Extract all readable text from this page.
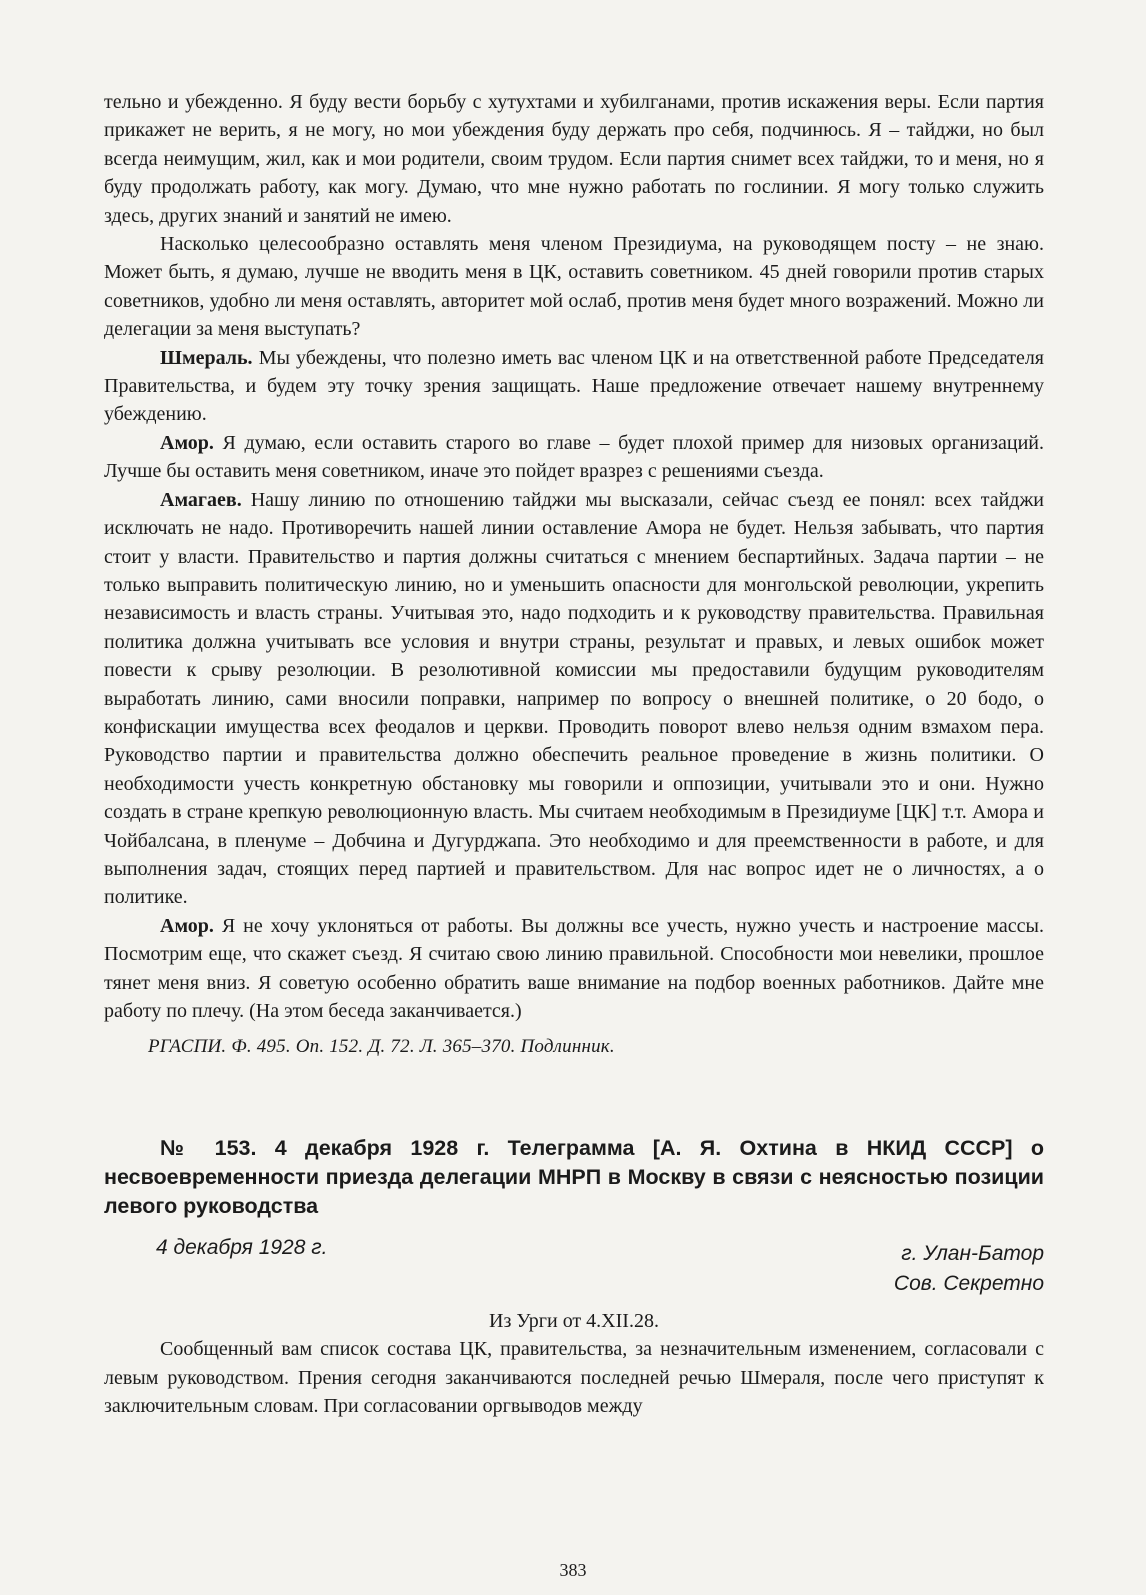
тельно и убежденно. Я буду вести борьбу с хутухтами и хубилганами, против искажения веры. Если партия прикажет не верить, я не могу, но мои убеждения буду держать про себя, подчинюсь. Я – тайджи, но был всегда неимущим, жил, как и мои родители, своим трудом. Если партия снимет всех тайджи, то и меня, но я буду продолжать работу, как могу. Думаю, что мне нужно работать по гослинии. Я могу только служить здесь, других знаний и занятий не имею.

Насколько целесообразно оставлять меня членом Президиума, на руководящем посту – не знаю. Может быть, я думаю, лучше не вводить меня в ЦК, оставить советником. 45 дней говорили против старых советников, удобно ли меня оставлять, авторитет мой ослаб, против меня будет много возражений. Можно ли делегации за меня выступать?

Шмераль. Мы убеждены, что полезно иметь вас членом ЦК и на ответственной работе Председателя Правительства, и будем эту точку зрения защищать. Наше предложение отвечает нашему внутреннему убеждению.

Амор. Я думаю, если оставить старого во главе – будет плохой пример для низовых организаций. Лучше бы оставить меня советником, иначе это пойдет вразрез с решениями съезда.

Амагаев. Нашу линию по отношению тайджи мы высказали, сейчас съезд ее понял: всех тайджи исключать не надо. Противоречить нашей линии оставление Амора не будет. Нельзя забывать, что партия стоит у власти. Правительство и партия должны считаться с мнением беспартийных. Задача партии – не только выправить политическую линию, но и уменьшить опасности для монгольской революции, укрепить независимость и власть страны. Учитывая это, надо подходить и к руководству правительства. Правильная политика должна учитывать все условия и внутри страны, результат и правых, и левых ошибок может повести к срыву резолюции. В резолютивной комиссии мы предоставили будущим руководителям выработать линию, сами вносили поправки, например по вопросу о внешней политике, о 20 бодо, о конфискации имущества всех феодалов и церкви. Проводить поворот влево нельзя одним взмахом пера. Руководство партии и правительства должно обеспечить реальное проведение в жизнь политики. О необходимости учесть конкретную обстановку мы говорили и оппозиции, учитывали это и они. Нужно создать в стране крепкую революционную власть. Мы считаем необходимым в Президиуме [ЦК] т.т. Амора и Чойбалсана, в пленуме – Добчина и Дугурджапа. Это необходимо и для преемственности в работе, и для выполнения задач, стоящих перед партией и правительством. Для нас вопрос идет не о личностях, а о политике.

Амор. Я не хочу уклоняться от работы. Вы должны все учесть, нужно учесть и настроение массы. Посмотрим еще, что скажет съезд. Я считаю свою линию правильной. Способности мои невелики, прошлое тянет меня вниз. Я советую особенно обратить ваше внимание на подбор военных работников. Дайте мне работу по плечу. (На этом беседа заканчивается.)

РГАСПИ. Ф. 495. Оп. 152. Д. 72. Л. 365–370. Подлинник.

№ 153. 4 декабря 1928 г. Телеграмма [А. Я. Охтина в НКИД СССР] о несвоевременности приезда делегации МНРП в Москву в связи с неясностью позиции левого руководства
4 декабря 1928 г.	г. Улан-Батор
Сов. Секретно

Из Урги от 4.XII.28.

Сообщенный вам список состава ЦК, правительства, за незначительным изменением, согласовали с левым руководством. Прения сегодня заканчиваются последней речью Шмераля, после чего приступят к заключительным словам. При согласовании оргвыводов между

383
